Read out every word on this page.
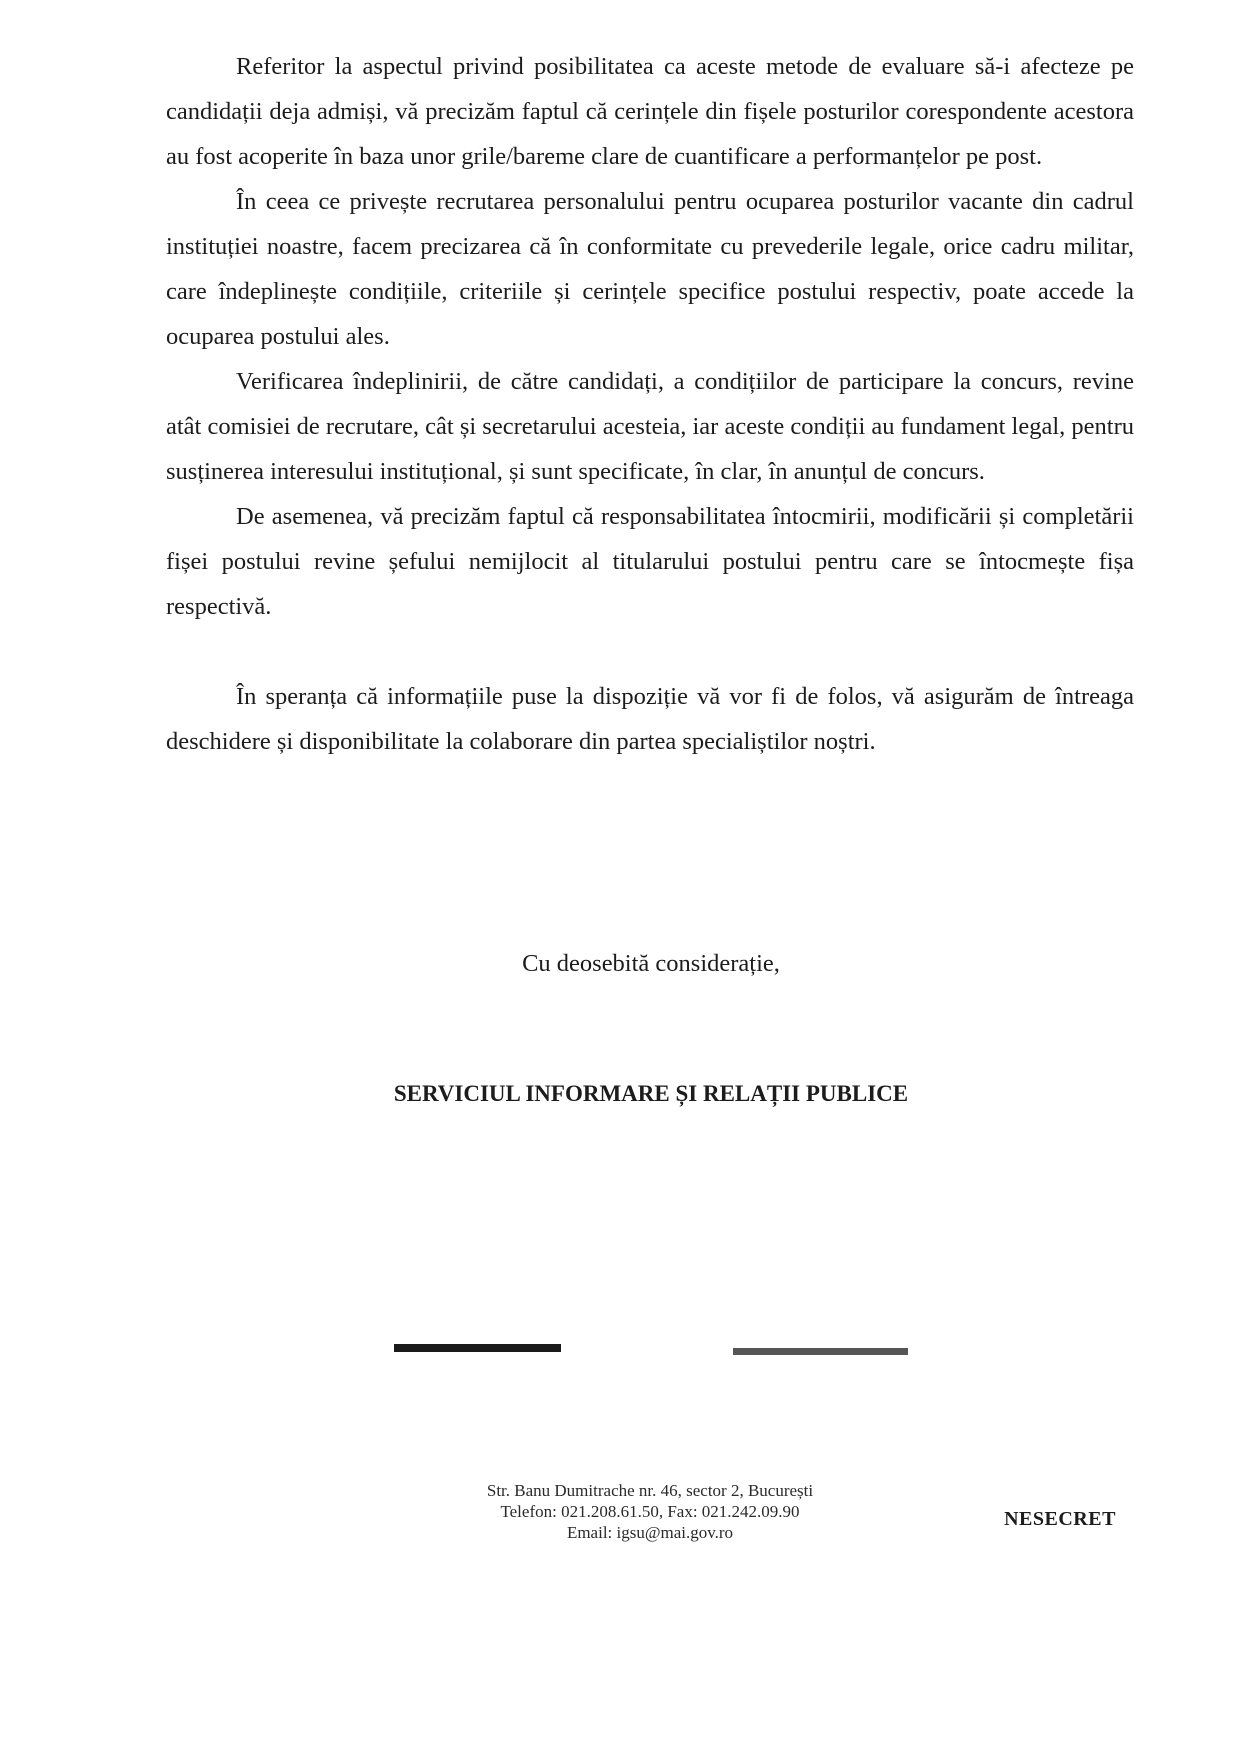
Referitor la aspectul privind posibilitatea ca aceste metode de evaluare să-i afecteze pe candidații deja admiși, vă precizăm faptul că cerințele din fișele posturilor corespondente acestora au fost acoperite în baza unor grile/bareme clare de cuantificare a performanțelor pe post.

În ceea ce privește recrutarea personalului pentru ocuparea posturilor vacante din cadrul instituției noastre, facem precizarea că în conformitate cu prevederile legale, orice cadru militar, care îndeplinește condițiile, criteriile și cerințele specifice postului respectiv, poate accede la ocuparea postului ales.

Verificarea îndeplinirii, de către candidați, a condițiilor de participare la concurs, revine atât comisiei de recrutare, cât și secretarului acesteia, iar aceste condiții au fundament legal, pentru susținerea interesului instituțional, și sunt specificate, în clar, în anunțul de concurs.

De asemenea, vă precizăm faptul că responsabilitatea întocmirii, modificării și completării fișei postului revine șefului nemijlocit al titularului postului pentru care se întocmește fișa respectivă.

În speranța că informațiile puse la dispoziție vă vor fi de folos, vă asigurăm de întreaga deschidere și disponibilitate la colaborare din partea specialiștilor noștri.

Cu deosebită considerație,
SERVICIUL INFORMARE ȘI RELAȚII PUBLICE
Str. Banu Dumitrache nr. 46, sector 2, București
Telefon: 021.208.61.50, Fax: 021.242.09.90
Email: igsu@mai.gov.ro
NESECRET
